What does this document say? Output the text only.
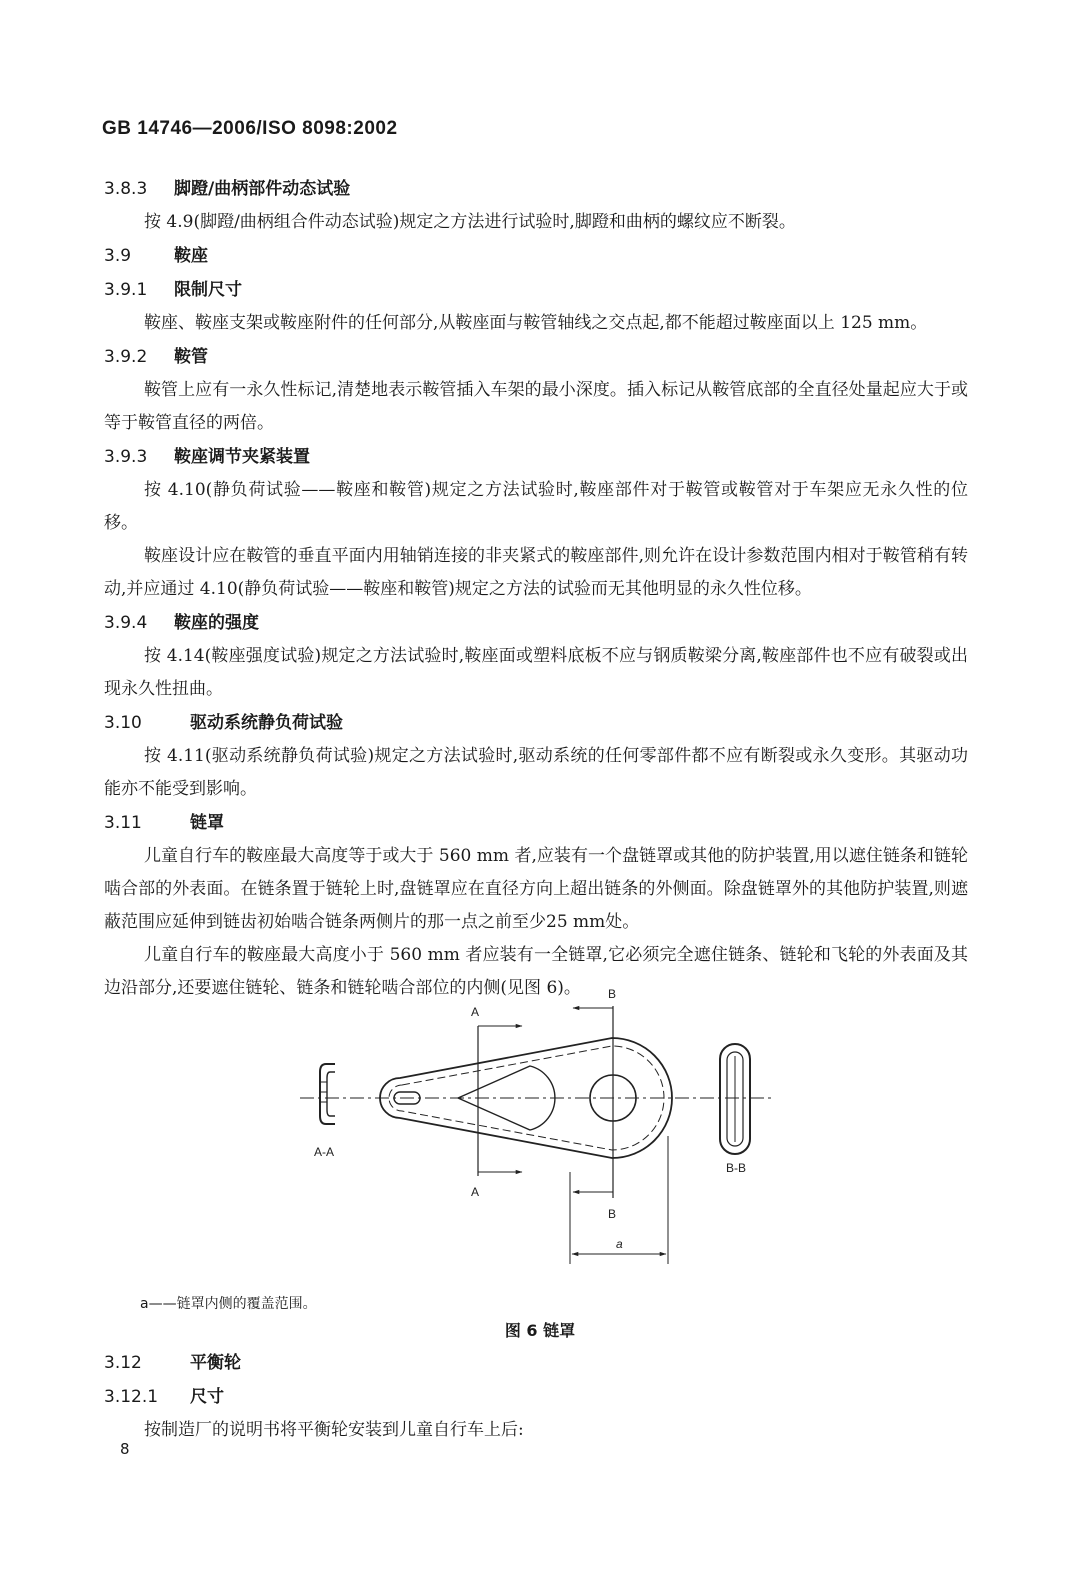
GB 14746—2006/ISO 8098:2002
3.8.3 脚蹬/曲柄部件动态试验

按 4.9(脚蹬/曲柄组合件动态试验)规定之方法进行试验时,脚蹬和曲柄的螺纹应不断裂。

3.9	鞍座
3.9.1 限制尺寸

鞍座、鞍座支架或鞍座附件的任何部分,从鞍座面与鞍管轴线之交点起,都不能超过鞍座面以上 125 mm。

3.9.2 鞍管

鞍管上应有一永久性标记,清楚地表示鞍管插入车架的最小深度。插入标记从鞍管底部的全直径处量起应大于或等于鞍管直径的两倍。

3.9.3 鞍座调节夹紧装置

按 4.10(静负荷试验——鞍座和鞍管)规定之方法试验时,鞍座部件对于鞍管或鞍管对于车架应无永久性的位移。

鞍座设计应在鞍管的垂直平面内用轴销连接的非夹紧式的鞍座部件,则允许在设计参数范围内相对于鞍管稍有转动,并应通过 4.10(静负荷试验——鞍座和鞍管)规定之方法的试验而无其他明显的永久性位移。

3.9.4 鞍座的强度

按 4.14(鞍座强度试验)规定之方法试验时,鞍座面或塑料底板不应与钢质鞍梁分离,鞍座部件也不应有破裂或出现永久性扭曲。

3.10	驱动系统静负荷试验

按 4.11(驱动系统静负荷试验)规定之方法试验时,驱动系统的任何零部件都不应有断裂或永久变形。其驱动功能亦不能受到影响。

3.11	链罩

儿童自行车的鞍座最大高度等于或大于 560 mm 者,应装有一个盘链罩或其他的防护装置,用以遮住链条和链轮啮合部的外表面。在链条置于链轮上时,盘链罩应在直径方向上超出链条的外侧面。除盘链罩外的其他防护装置,则遮蔽范围应延伸到链齿初始啮合链条两侧片的那一点之前至少25 mm处。

儿童自行车的鞍座最大高度小于 560 mm 者应装有一全链罩,它必须完全遮住链条、链轮和飞轮的外表面及其边沿部分,还要遮住链轮、链条和链轮啮合部位的内侧(见图 6)。

A
A
B
B
A-A
B-B
a
a——链罩内侧的覆盖范围。
图 6 链罩
3.12	平衡轮
3.12.1 尺寸

按制造厂的说明书将平衡轮安装到儿童自行车上后:

8
